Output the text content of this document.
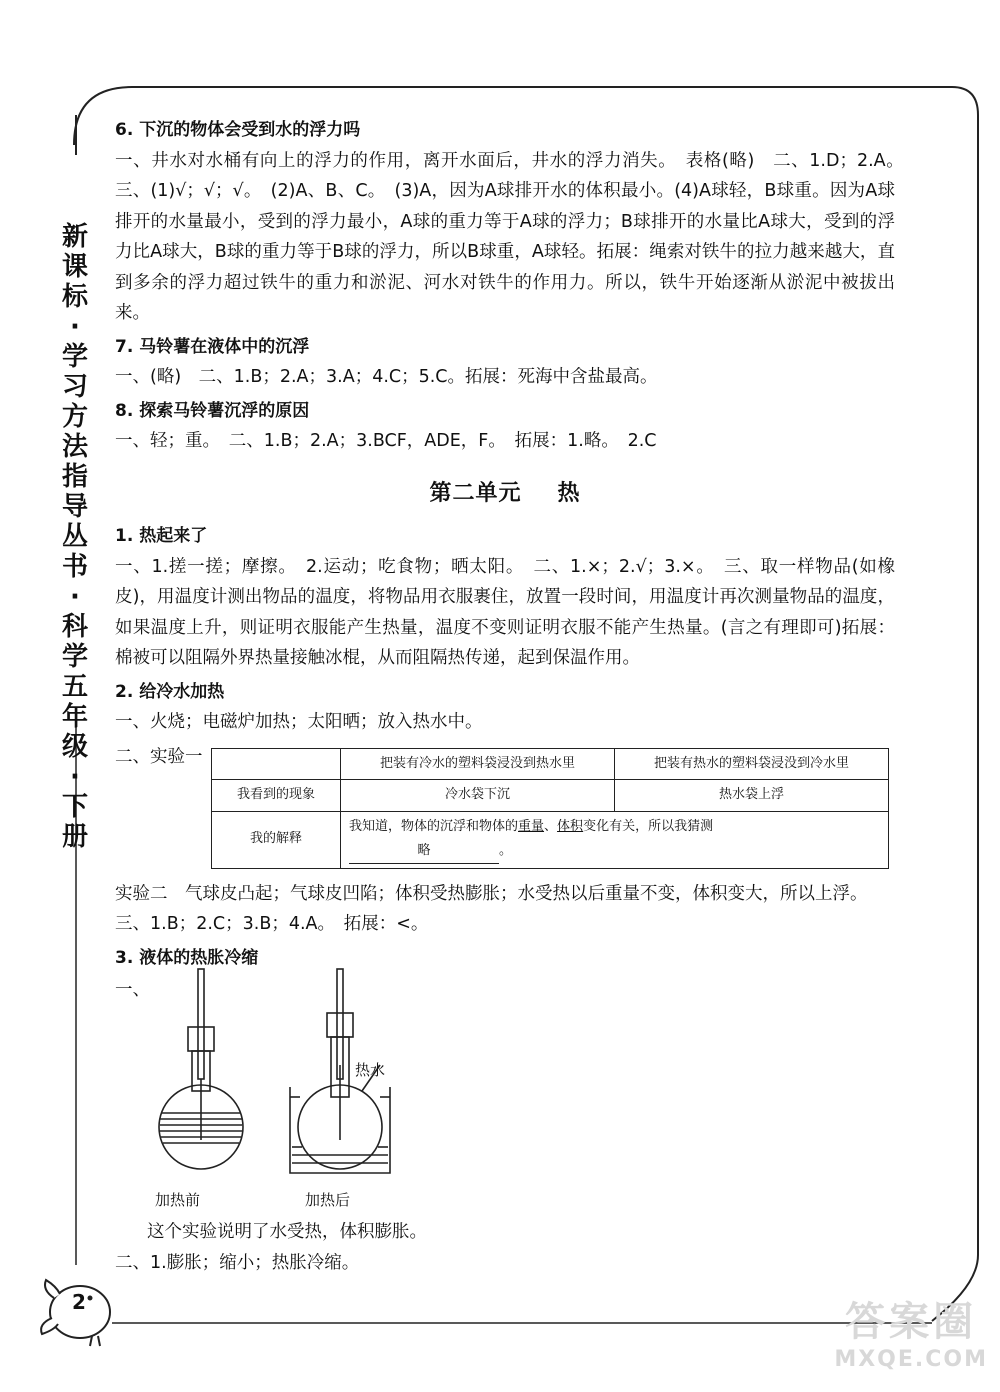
新
课
标
·
学
习
方
法
指
导
丛
书
·
科
学
五
年
级
·
下
册
2
6. 下沉的物体会受到水的浮力吗

一、井水对水桶有向上的浮力的作用，离开水面后，井水的浮力消失。　表格(略)　二、1.D；2.A。　三、(1)√；√；√。　(2)A、B、C。　(3)A，因为A球排开水的体积最小。(4)A球轻，B球重。因为A球排开的水量最小，受到的浮力最小，A球的重力等于A球的浮力；B球排开的水量比A球大，受到的浮力比A球大，B球的重力等于B球的浮力，所以B球重，A球轻。拓展：绳索对铁牛的拉力越来越大，直到多余的浮力超过铁牛的重力和淤泥、河水对铁牛的作用力。所以，铁牛开始逐渐从淤泥中被拔出来。

7. 马铃薯在液体中的沉浮

一、(略)　二、1.B；2.A；3.A；4.C；5.C。拓展：死海中含盐最高。

8. 探索马铃薯沉浮的原因

一、轻；重。　二、1.B；2.A；3.BCF，ADE，F。　拓展：1.略。　2.C

第二单元 热
1. 热起来了

一、1.搓一搓；摩擦。　2.运动；吃食物；晒太阳。　二、1.×；2.√；3.×。　三、取一样物品(如橡皮)，用温度计测出物品的温度，将物品用衣服裹住，放置一段时间，用温度计再次测量物品的温度，如果温度上升，则证明衣服能产生热量，温度不变则证明衣服不能产生热量。(言之有理即可)拓展：棉被可以阻隔外界热量接触冰棍，从而阻隔热传递，起到保温作用。

2. 给冷水加热

一、火烧；电磁炉加热；太阳晒；放入热水中。

二、实验一
		把装有冷水的塑料袋浸没到热水里	把装有热水的塑料袋浸没到冷水里
我看到的现象	冷水袋下沉	热水袋上浮
我的解释	我知道，物体的沉浮和物体的重量、体积变化有关，所以我猜测
略 。	

实验二　气球皮凸起；气球皮凹陷；体积受热膨胀；水受热以后重量不变，体积变大，所以上浮。

三、1.B；2.C；3.B；4.A。　拓展：<。

3. 液体的热胀冷缩
一、
热水
加热前	加热后

这个实验说明了水受热，体积膨胀。

二、1.膨胀；缩小；热胀冷缩。

答案圈
MXQE.COM
